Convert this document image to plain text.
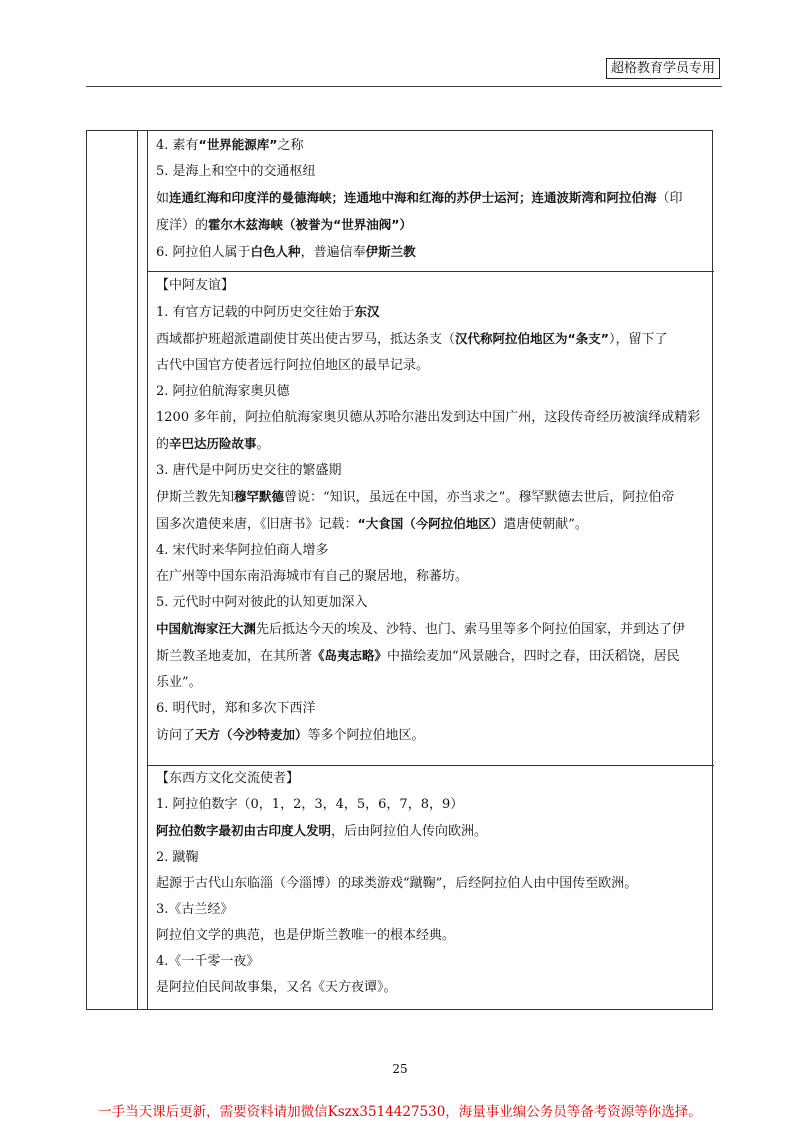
超格教育学员专用
4. 素有“世界能源库”之称
5. 是海上和空中的交通枢纽
如连通红海和印度洋的曼德海峡；连通地中海和红海的苏伊士运河；连通波斯湾和阿拉伯海（印
度洋）的霍尔木兹海峡（被誉为“世界油阀”）
6. 阿拉伯人属于白色人种，普遍信奉伊斯兰教
【中阿友谊】
1. 有官方记载的中阿历史交往始于东汉
西域都护班超派遣副使甘英出使古罗马，抵达条支（汉代称阿拉伯地区为“条支”），留下了
古代中国官方使者远行阿拉伯地区的最早记录。
2. 阿拉伯航海家奥贝德
1200 多年前，阿拉伯航海家奥贝德从苏哈尔港出发到达中国广州，这段传奇经历被演绎成精彩
的辛巴达历险故事。
3. 唐代是中阿历史交往的繁盛期
伊斯兰教先知穆罕默德曾说：“知识，虽远在中国，亦当求之”。穆罕默德去世后，阿拉伯帝
国多次遣使来唐，《旧唐书》记载：“大食国（今阿拉伯地区）遣唐使朝献”。
4. 宋代时来华阿拉伯商人增多
在广州等中国东南沿海城市有自己的聚居地，称蕃坊。
5. 元代时中阿对彼此的认知更加深入
中国航海家汪大渊先后抵达今天的埃及、沙特、也门、索马里等多个阿拉伯国家，并到达了伊
斯兰教圣地麦加，在其所著《岛夷志略》中描绘麦加“风景融合，四时之春，田沃稻饶，居民
乐业”。
6. 明代时，郑和多次下西洋
访问了天方（今沙特麦加）等多个阿拉伯地区。
【东西方文化交流使者】
1. 阿拉伯数字（0，1，2，3，4，5，6，7，8，9）
阿拉伯数字最初由古印度人发明，后由阿拉伯人传向欧洲。
2. 蹴鞠
起源于古代山东临淄（今淄博）的球类游戏“蹴鞠”，后经阿拉伯人由中国传至欧洲。
3.《古兰经》
阿拉伯文学的典范，也是伊斯兰教唯一的根本经典。
4.《一千零一夜》
是阿拉伯民间故事集，又名《天方夜谭》。
25
一手当天课后更新，需要资料请加微信Kszx3514427530，海量事业编公务员等备考资源等你选择。
